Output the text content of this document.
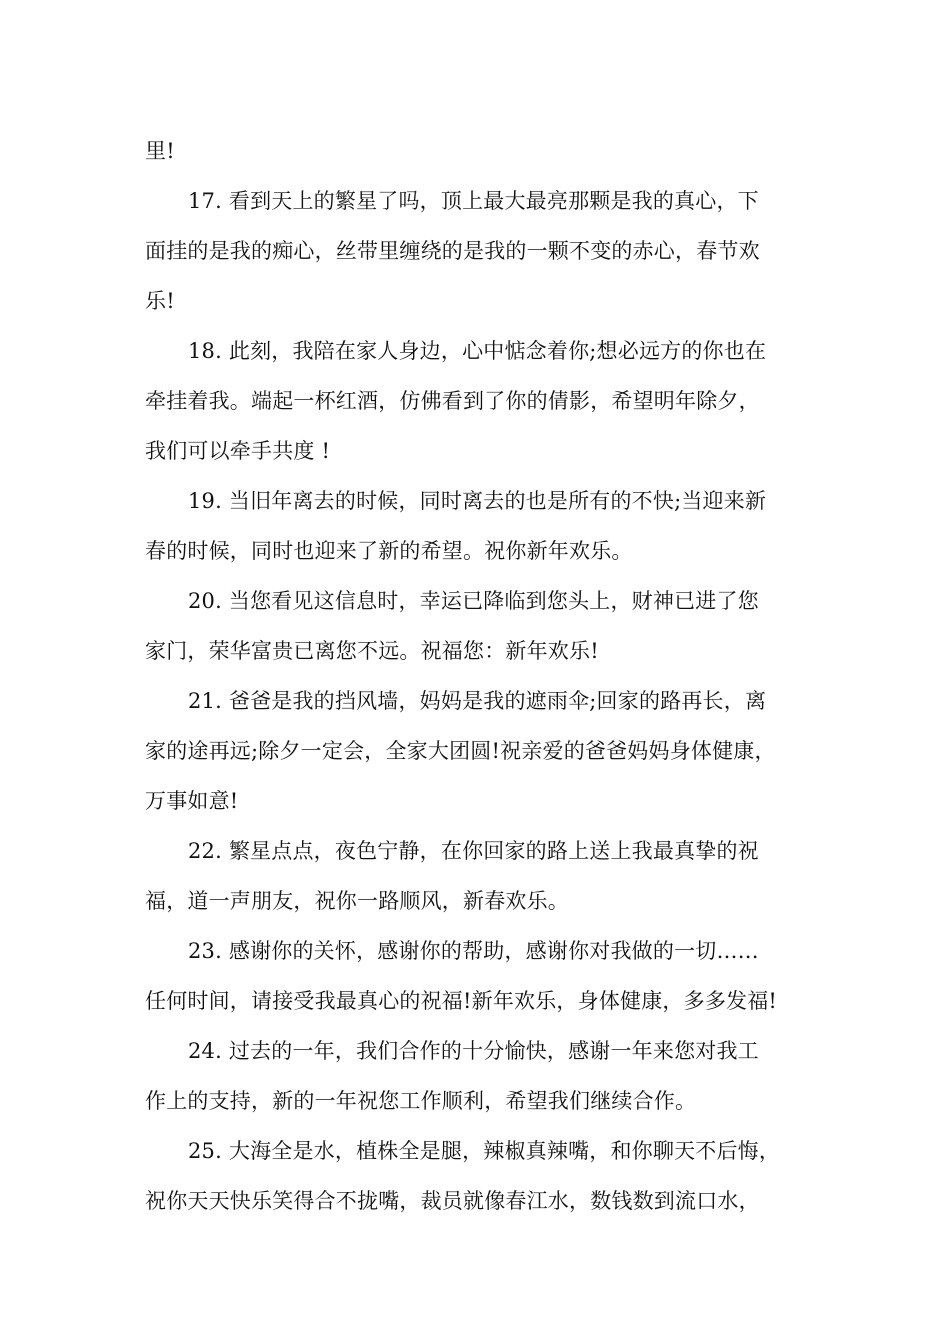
里!
17. 看到天上的繁星了吗，顶上最大最亮那颗是我的真心，下
面挂的是我的痴心，丝带里缠绕的是我的一颗不变的赤心，春节欢
乐!
18. 此刻，我陪在家人身边，心中惦念着你;想必远方的你也在
牵挂着我。端起一杯红酒，仿佛看到了你的倩影，希望明年除夕，
我们可以牵手共度 !
19. 当旧年离去的时候，同时离去的也是所有的不快;当迎来新
春的时候，同时也迎来了新的希望。祝你新年欢乐。
20. 当您看见这信息时，幸运已降临到您头上，财神已进了您
家门，荣华富贵已离您不远。祝福您：新年欢乐!
21. 爸爸是我的挡风墙，妈妈是我的遮雨伞;回家的路再长，离
家的途再远;除夕一定会，全家大团圆!祝亲爱的爸爸妈妈身体健康，
万事如意!
22. 繁星点点，夜色宁静，在你回家的路上送上我最真挚的祝
福，道一声朋友，祝你一路顺风，新春欢乐。
23. 感谢你的关怀，感谢你的帮助，感谢你对我做的一切……
任何时间，请接受我最真心的祝福!新年欢乐，身体健康，多多发福!
24. 过去的一年，我们合作的十分愉快，感谢一年来您对我工
作上的支持，新的一年祝您工作顺利，希望我们继续合作。
25. 大海全是水，植株全是腿，辣椒真辣嘴，和你聊天不后悔，
祝你天天快乐笑得合不拢嘴，裁员就像春江水，数钱数到流口水，
